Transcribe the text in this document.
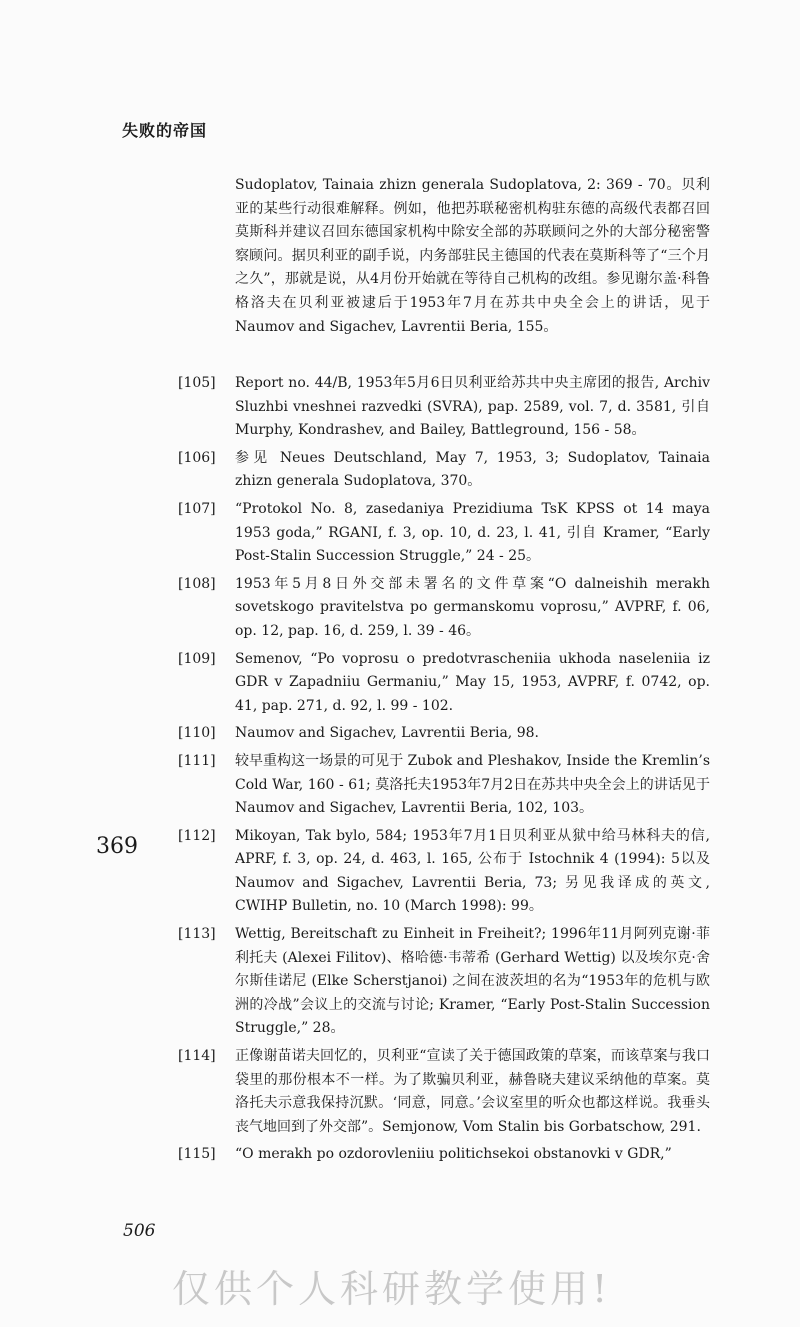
失败的帝国
Sudoplatov, Tainaia zhizn generala Sudoplatova, 2: 369 - 70。贝利亚的某些行动很难解释。例如，他把苏联秘密机构驻东德的高级代表都召回莫斯科并建议召回东德国家机构中除安全部的苏联顾问之外的大部分秘密警察顾问。据贝利亚的副手说，内务部驻民主德国的代表在莫斯科等了“三个月之久”，那就是说，从4月份开始就在等待自己机构的改组。参见谢尔盖·科鲁格洛夫在贝利亚被逮后于1953年7月在苏共中央全会上的讲话，见于 Naumov and Sigachev, Lavrentii Beria, 155。
[105]	Report no. 44/B, 1953年5月6日贝利亚给苏共中央主席团的报告, Archiv Sluzhbi vneshnei razvedki (SVRA), pap. 2589, vol. 7, d. 3581, 引自 Murphy, Kondrashev, and Bailey, Battleground, 156 - 58。
[106]	参见 Neues Deutschland, May 7, 1953, 3; Sudoplatov, Tainaia zhizn generala Sudoplatova, 370。
[107]	“Protokol No. 8, zasedaniya Prezidiuma TsK KPSS ot 14 maya 1953 goda,” RGANI, f. 3, op. 10, d. 23, l. 41, 引自 Kramer, “Early Post-Stalin Succession Struggle,” 24 - 25。
[108]	1953年5月8日外交部未署名的文件草案“O dalneishih merakh sovetskogo pravitelstva po germanskomu voprosu,” AVPRF, f. 06, op. 12, pap. 16, d. 259, l. 39 - 46。
[109]	Semenov, “Po voprosu o predotvrascheniia ukhoda naseleniia iz GDR v Zapadniiu Germaniu,” May 15, 1953, AVPRF, f. 0742, op. 41, pap. 271, d. 92, l. 99 - 102.
[110]	Naumov and Sigachev, Lavrentii Beria, 98.
[111]	较早重构这一场景的可见于 Zubok and Pleshakov, Inside the Kremlin’s Cold War, 160 - 61; 莫洛托夫1953年7月2日在苏共中央全会上的讲话见于 Naumov and Sigachev, Lavrentii Beria, 102, 103。
[112]	Mikoyan, Tak bylo, 584; 1953年7月1日贝利亚从狱中给马林科夫的信, APRF, f. 3, op. 24, d. 463, l. 165, 公布于 Istochnik 4 (1994): 5以及 Naumov and Sigachev, Lavrentii Beria, 73; 另见我译成的英文, CWIHP Bulletin, no. 10 (March 1998): 99。
[113]	Wettig, Bereitschaft zu Einheit in Freiheit?; 1996年11月阿列克谢·菲利托夫 (Alexei Filitov)、格哈德·韦蒂希 (Gerhard Wettig) 以及埃尔克·舍尔斯佳诺尼 (Elke Scherstjanoi) 之间在波茨坦的名为“1953年的危机与欧洲的冷战”会议上的交流与讨论; Kramer, “Early Post-Stalin Succession Struggle,” 28。
[114]	正像谢苗诺夫回忆的，贝利亚“宣读了关于德国政策的草案，而该草案与我口袋里的那份根本不一样。为了欺骗贝利亚，赫鲁晓夫建议采纳他的草案。莫洛托夫示意我保持沉默。‘同意，同意。’会议室里的听众也都这样说。我垂头丧气地回到了外交部”。Semjonow, Vom Stalin bis Gorbatschow, 291.
[115]	“O merakh po ozdorovleniiu politichsekoi obstanovki v GDR,”
369
506
仅供个人科研教学使用!
